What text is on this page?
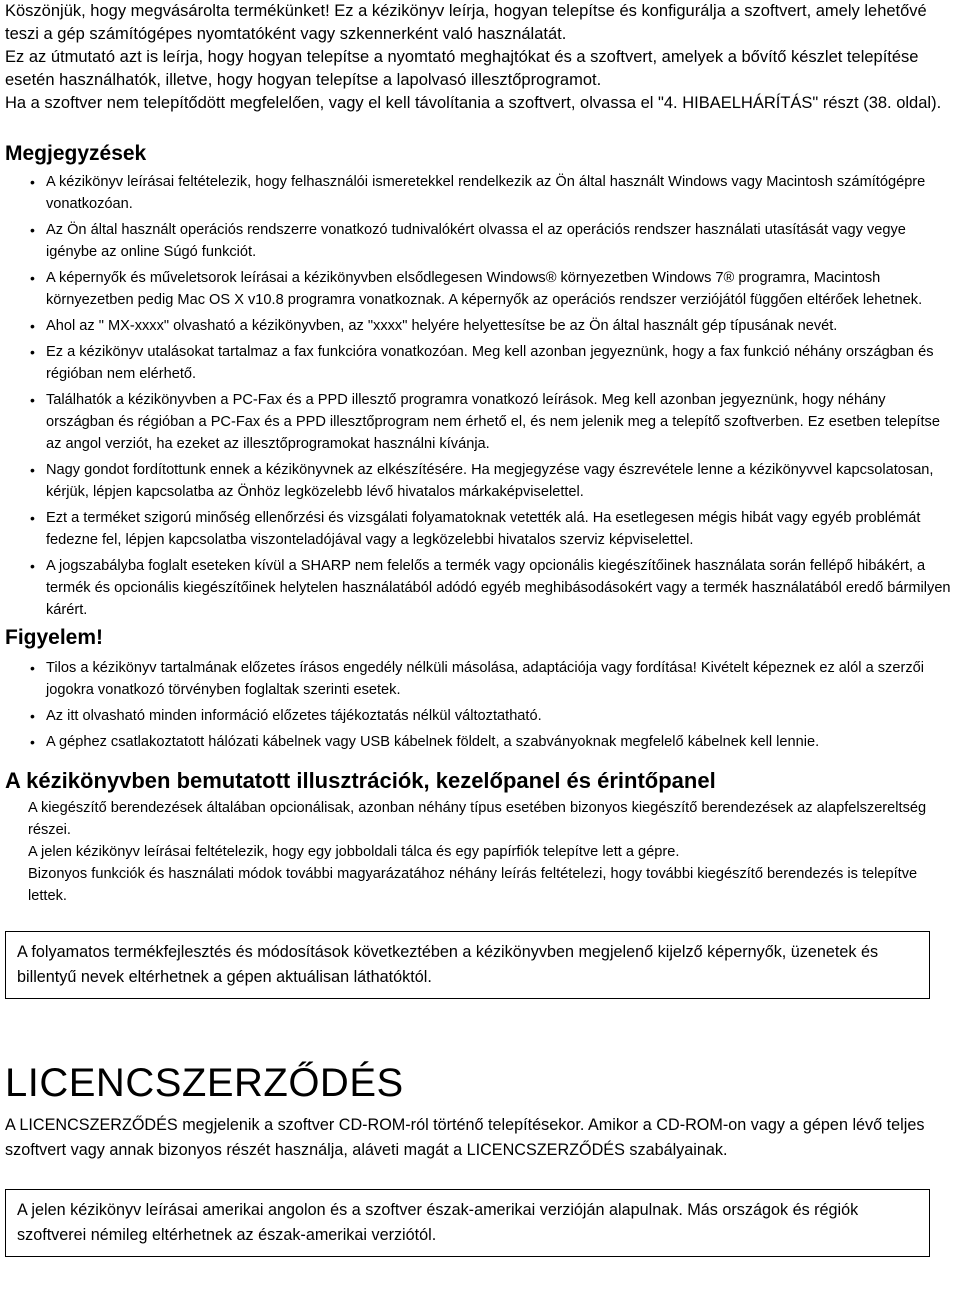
Köszönjük, hogy megvásárolta termékünket! Ez a kézikönyv leírja, hogyan telepítse és konfigurálja a szoftvert, amely lehetővé teszi a gép számítógépes nyomtatóként vagy szkennerként való használatát.

Ez az útmutató azt is leírja, hogy hogyan telepítse a nyomtató meghajtókat és a szoftvert, amelyek a bővítő készlet telepítése esetén használhatók, illetve, hogy hogyan telepítse a lapolvasó illesztőprogramot.

Ha a szoftver nem telepítődött megfelelően, vagy el kell távolítania a szoftvert, olvassa el "4. HIBAELHÁRÍTÁS" részt (38. oldal).

Megjegyzések
• A kézikönyv leírásai feltételezik, hogy felhasználói ismeretekkel rendelkezik az Ön által használt Windows vagy Macintosh számítógépre vonatkozóan.
• Az Ön által használt operációs rendszerre vonatkozó tudnivalókért olvassa el az operációs rendszer használati utasítását vagy vegye igénybe az online Súgó funkciót.
• A képernyők és műveletsorok leírásai a kézikönyvben elsődlegesen Windows® környezetben Windows 7® programra, Macintosh környezetben pedig Mac OS X v10.8 programra vonatkoznak. A képernyők az operációs rendszer verziójától függően eltérőek lehetnek.
• Ahol az " MX-xxxx" olvasható a kézikönyvben, az "xxxx" helyére helyettesítse be az Ön által használt gép típusának nevét.
• Ez a kézikönyv utalásokat tartalmaz a fax funkcióra vonatkozóan. Meg kell azonban jegyeznünk, hogy a fax funkció néhány országban és régióban nem elérhető.
• Találhatók a kézikönyvben a PC-Fax és a PPD illesztő programra vonatkozó leírások. Meg kell azonban jegyeznünk, hogy néhány országban és régióban a PC-Fax és a PPD illesztőprogram nem érhető el, és nem jelenik meg a telepítő szoftverben. Ez esetben telepítse az angol verziót, ha ezeket az illesztőprogramokat használni kívánja.
• Nagy gondot fordítottunk ennek a kézikönyvnek az elkészítésére. Ha megjegyzése vagy észrevétele lenne a kézikönyvvel kapcsolatosan, kérjük, lépjen kapcsolatba az Önhöz legközelebb lévő hivatalos márkaképviselettel.
• Ezt a terméket szigorú minőség ellenőrzési és vizsgálati folyamatoknak vetették alá. Ha esetlegesen mégis hibát vagy egyéb problémát fedezne fel, lépjen kapcsolatba viszonteladójával vagy a legközelebbi hivatalos szerviz képviselettel.
• A jogszabályba foglalt eseteken kívül a SHARP nem felelős a termék vagy opcionális kiegészítőinek használata során fellépő hibákért, a termék és opcionális kiegészítőinek helytelen használatából adódó egyéb meghibásodásokért vagy a termék használatából eredő bármilyen kárért.
Figyelem!
• Tilos a kézikönyv tartalmának előzetes írásos engedély nélküli másolása, adaptációja vagy fordítása! Kivételt képeznek ez alól a szerzői jogokra vonatkozó törvényben foglaltak szerinti esetek.
• Az itt olvasható minden információ előzetes tájékoztatás nélkül változtatható.
• A géphez csatlakoztatott hálózati kábelnek vagy USB kábelnek földelt, a szabványoknak megfelelő kábelnek kell lennie.
A kézikönyvben bemutatott illusztrációk, kezelőpanel és érintőpanel

A kiegészítő berendezések általában opcionálisak, azonban néhány típus esetében bizonyos kiegészítő berendezések az alapfelszereltség részei.

A jelen kézikönyv leírásai feltételezik, hogy egy jobboldali tálca és egy papírfiók telepítve lett a gépre.

Bizonyos funkciók és használati módok további magyarázatához néhány leírás feltételezi, hogy további kiegészítő berendezés is telepítve lettek.

A folyamatos termékfejlesztés és módosítások következtében a kézikönyvben megjelenő kijelző képernyők, üzenetek és billentyű nevek eltérhetnek a gépen aktuálisan láthatóktól.
LICENCSZERZŐDÉS

A LICENCSZERZŐDÉS megjelenik a szoftver CD-ROM-ról történő telepítésekor. Amikor a CD-ROM-on vagy a gépen lévő teljes szoftvert vagy annak bizonyos részét használja, aláveti magát a LICENCSZERZŐDÉS szabályainak.

A jelen kézikönyv leírásai amerikai angolon és a szoftver észak-amerikai verzióján alapulnak. Más országok és régiók szoftverei némileg eltérhetnek az észak-amerikai verziótól.
